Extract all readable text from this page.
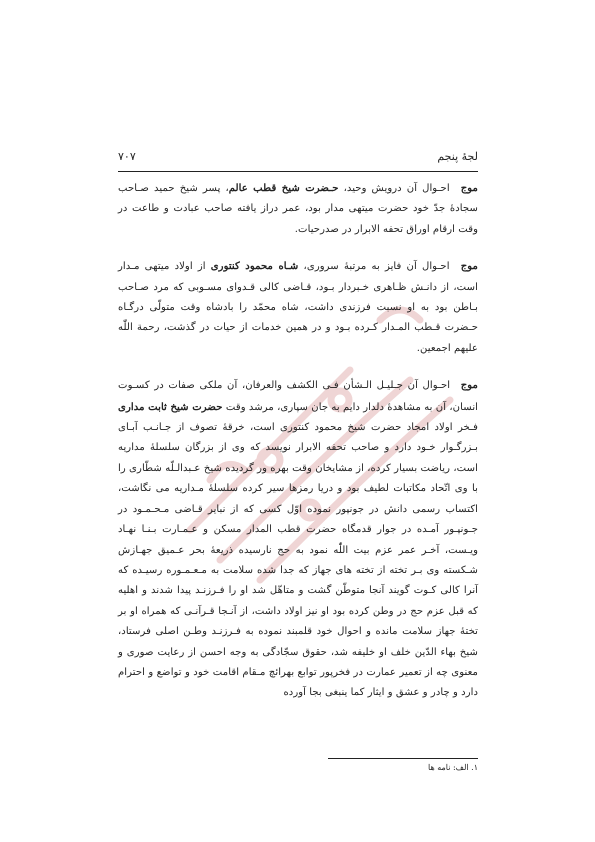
لجۀ پنجم
۷۰۷

موج احـوال آن درویش وحید، حـضرت شیخ قطب عالم، پسر شیخ حمید صـاحب سجادۀ جدّ خود حضرت میتهی مدار بود، عمر دراز یافته صاحب عبادت و طاعت در وقت ارقام اوراق تحفه الابرار در صدرحیات.

موج احـوال آن فایز به مرتبۀ سروری، شـاه محمود کنتوری از اولاد میتهی مـدار است، از دانـش ظـاهری خـبردار بـود، قـاضی کالی قـدوای مسـوبی که مرد صـاحب بـاطن بود به او نسبت فرزندی داشت، شاه محمّد را بادشاه وقت متولّی درگـاه حـضرت قـطب المـدار کـرده بـود و در همین خدمات از حیات در گذشت، رحمة اللّٰه علیهم اجمعین.

موج احـوال آن جـلیـل الـشأن فـی الکشف والعرفان، آن ملکی صفات در کسـوت انسان، آن به مشاهدۀ دلدار دایم به جان سپاری، مرشد وقت حضرت شیخ ثابت مداری فـخر اولاد امجاد حضرت شیخ محمود کنتوری است، خرقۀ تصوف از جـانـب آبـای بـزرگـوار خـود دارد و صاحب تحفه الابرار نویسد که وی از بزرگان سلسلۀ مداریه است، ریاضت بسیار کرده، از مشایخان وقت بهره ور گردیده شیخ عـبدالـلّه شطّاری را با وی اتّحاد مکاتبات لطیف بود و دریا رمزها سیر کرده سلسلۀ مـداریه می نگاشت، اکتساب رسمی دانش در جونپور نموده اوّل کسی که از نبایر قـاضی مـحـمـود در جـونپـور آمـده در جوار قدمگاه حضرت قطب المدار مسکن و عـمـارت بـنـا نهـاد ویـست، آخـر عمر عزم بیت اللّٰه نمود به حج نارسیده ذریعۀ بحر عـمیق جهـازش شـکسته وی بـر تخته از تخته های جهاز که جدا شده سلامت به مـعـمـوره رسیـده که آنرا کالی کـوت گویند آنجا متوطّن گشت و متاهّل شد او را فـرزنـد پیدا شدند و اهلیه که قبل عزم حج در وطن کرده بود او نیز اولاد داشت، از آنـجا قـرآنـی که همراه او بر تختۀ جهاز سلامت مانده و احوال خود قلمبند نموده به فـرزنـد وطـن اصلی فرستاد، شیخ بهاء الدّین خلف او خلیفه شد، حقوق سجّادگی به وجه احسن از رعایت صوری و معنوی چه از تعمیر عمارت در فخرپور توابع بهرائچ مـقام اقامت خود و تواضع و احترام دارد و چادر و عشق و ایثار کما ینبغی بجا آورده

۱. الف: نامه ها
